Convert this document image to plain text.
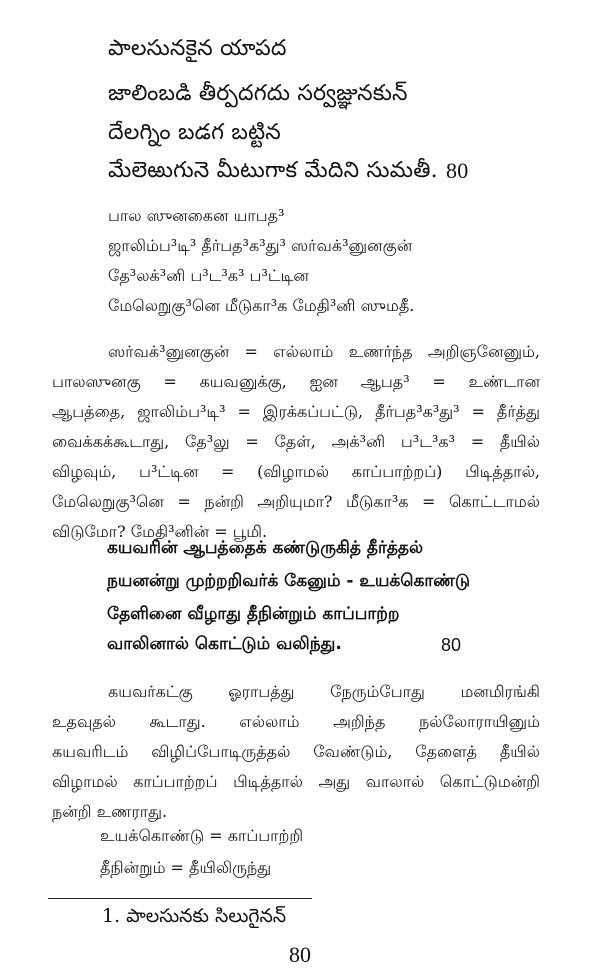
పాలసునకైన యాపద
జాలింబడి తీర్పదగదు సర్వజ్ఞునకున్
దేలగ్నిం బడగ బట్టిన
మేలెఱుగునె మీటుగాక మేదిని సుమతీ. 80
பால ஸுனகைன யாபத³
ஜாலிம்ப³டி³ தீர்பத³க³து³ ஸர்வக்³னுனகுன்
தே³லக்³னி ப³ட³க³ ப³ட்டின
மேலெறுகு³னெ மீடுகா³க மேதி³னி ஸுமதீ.
ஸர்வக்³னுனகுன் = எல்லாம் உணர்ந்த அறிஞனேனும்,
பாலஸுனகு = கயவனுக்கு, ஐன ஆபத³ = உண்டான
ஆபத்தை, ஜாலிம்ப³டி³ = இரக்கப்பட்டு, தீர்பத³க³து³ = தீர்த்து
வைக்கக்கூடாது, தே³லு = தேள், அக்³னி ப³ட³க³ = தீயில்
விழவும், ப³ட்டின = (விழாமல் காப்பாற்றப்) பிடித்தால்,
மேலெறுகு³னெ = நன்றி அறியுமா? மீடுகா³க = கொட்டாமல்
விடுமோ? மேதி³னின் = பூமி.
கயவரின் ஆபத்தைக் கண்டுருகித் தீர்த்தல்
நயனன்று முற்றறிவர்க் கேனும் - உயக்கொண்டு
தேளினை வீழாது தீநின்றும் காப்பாற்ற
வாலினால் கொட்டும் வலிந்து.	80
கயவர்கட்கு ஓராபத்து நேரும்போது மனமிரங்கி
உதவுதல் கூடாது. எல்லாம் அறிந்த நல்லோராயினும்
கயவரிடம் விழிப்போடிருத்தல் வேண்டும், தேளைத் தீயில்
விழாமல் காப்பாற்றப் பிடித்தால் அது வாலால் கொட்டுமன்றி
நன்றி உணராது.
உயக்கொண்டு = காப்பாற்றி
தீநின்றும் = தீயிலிருந்து
1. పాలసునకు సిలుగైనన్
80
